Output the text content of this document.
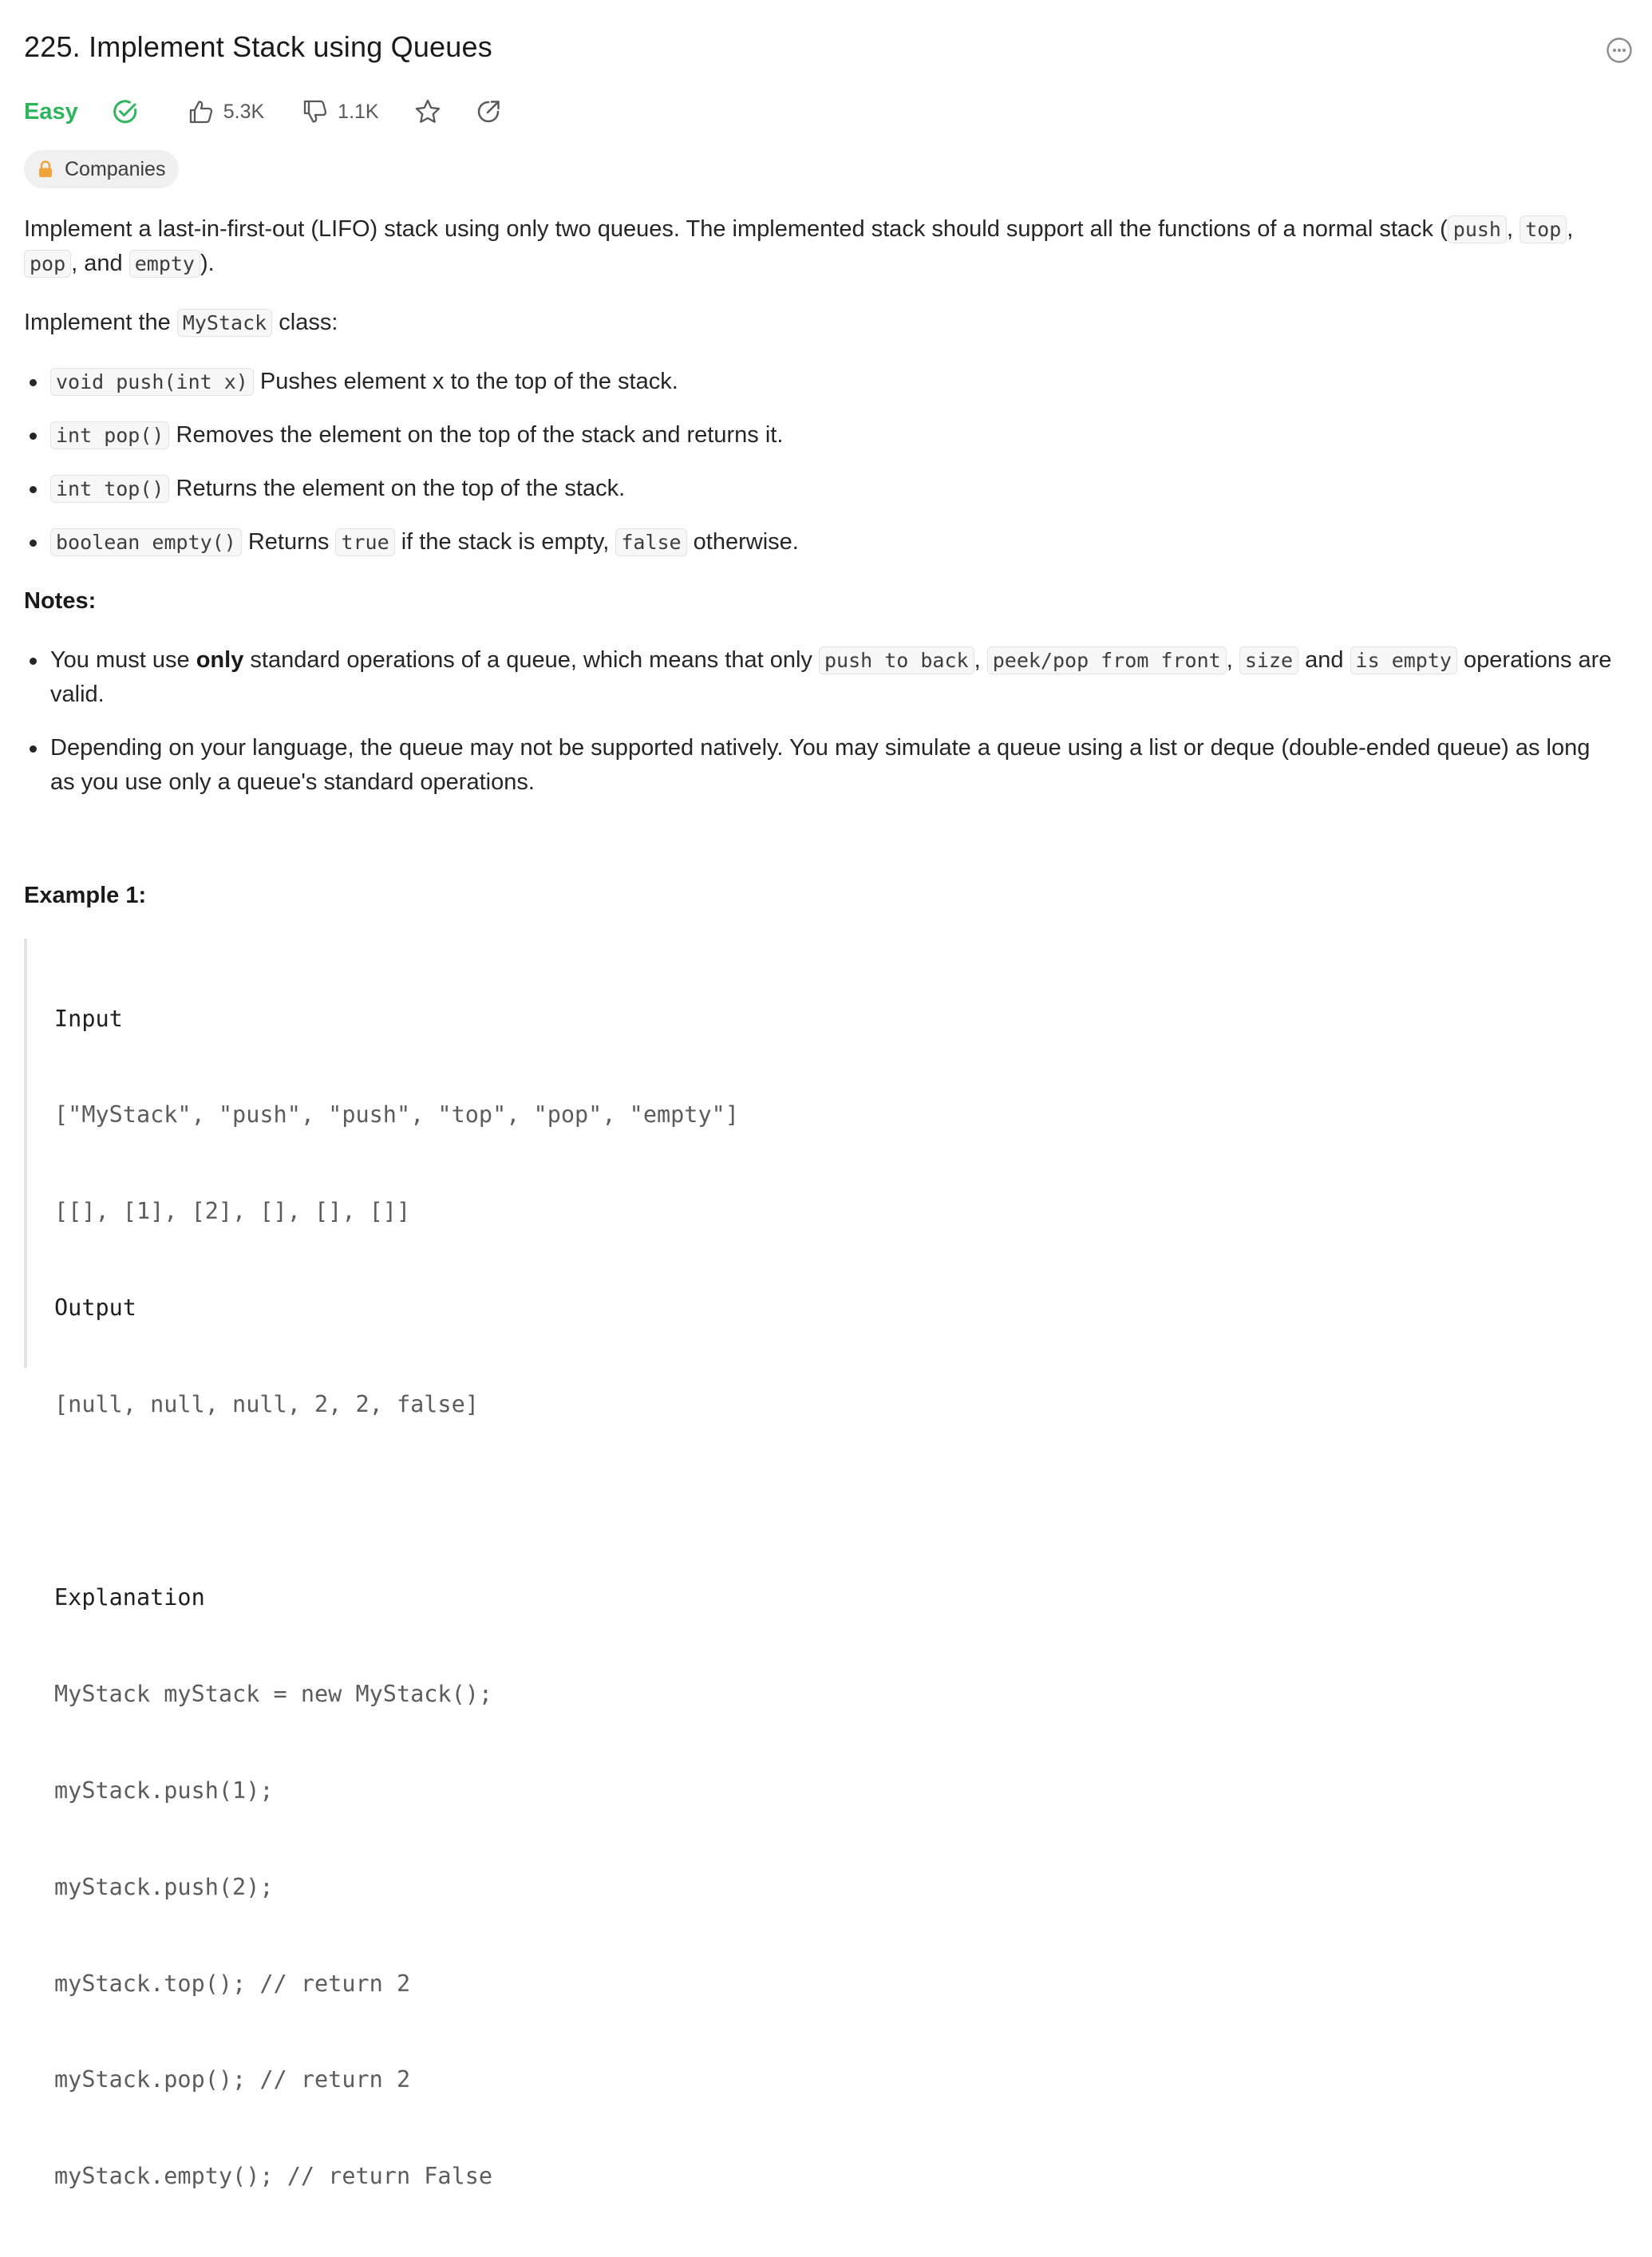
225. Implement Stack using Queues
Easy	5.3K	1.1K
Companies

Implement a last-in-first-out (LIFO) stack using only two queues. The implemented stack should support all the functions of a normal stack ( push , top ,
pop , and empty ).

Implement the MyStack class:

void push(int x) Pushes element x to the top of the stack.
int pop() Removes the element on the top of the stack and returns it.
int top() Returns the element on the top of the stack.
boolean empty() Returns true if the stack is empty, false otherwise.

Notes:

You must use only standard operations of a queue, which means that only push to back , peek/pop from front , size and is empty operations are valid.
Depending on your language, the queue may not be supported natively. You may simulate a queue using a list or deque (double-ended queue) as long as you use only a queue's standard operations.
Example 1:

Input

["MyStack", "push", "push", "top", "pop", "empty"]

[[], [1], [2], [], [], []]

Output

[null, null, null, 2, 2, false]

Explanation

MyStack myStack = new MyStack();

myStack.push(1);

myStack.push(2);

myStack.top(); // return 2

myStack.pop(); // return 2

myStack.empty(); // return False
